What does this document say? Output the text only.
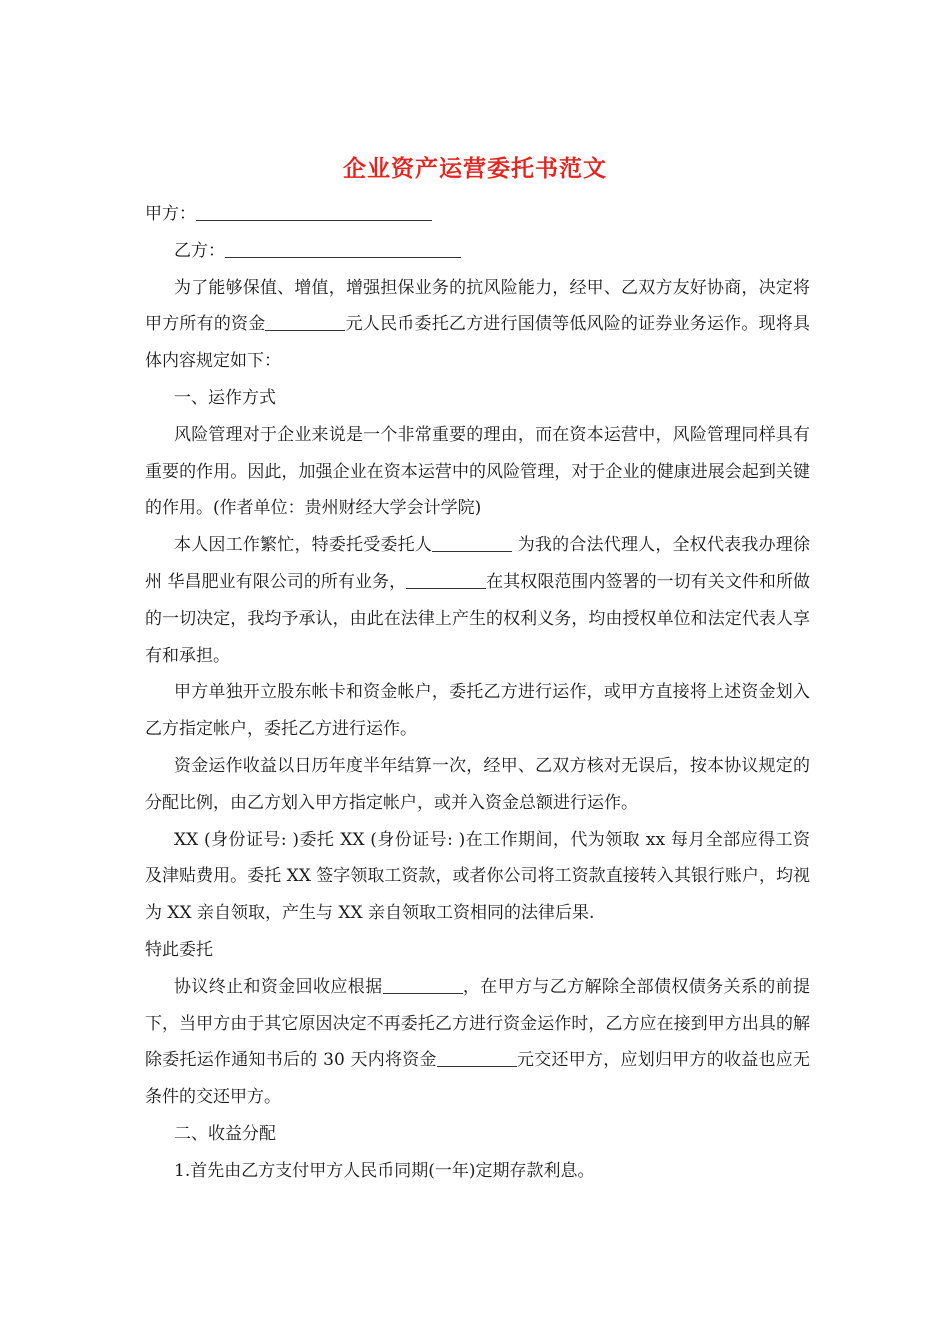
企业资产运营委托书范文

甲方：

乙方：

为了能够保值、增值，增强担保业务的抗风险能力，经甲、乙双方友好协商，决定将甲方所有的资金	元人民币委托乙方进行国债等低风险的证券业务运作。现将具体内容规定如下：

一、运作方式

风险管理对于企业来说是一个非常重要的理由，而在资本运营中，风险管理同样具有重要的作用。因此，加强企业在资本运营中的风险管理，对于企业的健康进展会起到关键的作用。(作者单位：贵州财经大学会计学院)

本人因工作繁忙，特委托受委托人	为我的合法代理人，全权代表我办理徐州 华昌肥业有限公司的所有业务，	在其权限范围内签署的一切有关文件和所做的一切决定，我均予承认，由此在法律上产生的权利义务，均由授权单位和法定代表人享有和承担。

甲方单独开立股东帐卡和资金帐户，委托乙方进行运作，或甲方直接将上述资金划入乙方指定帐户，委托乙方进行运作。

资金运作收益以日历年度半年结算一次，经甲、乙双方核对无误后，按本协议规定的分配比例，由乙方划入甲方指定帐户，或并入资金总额进行运作。

XX (身份证号: )委托 XX (身份证号: )在工作期间，代为领取 xx 每月全部应得工资及津贴费用。委托 XX 签字领取工资款，或者你公司将工资款直接转入其银行账户，均视为 XX 亲自领取，产生与 XX 亲自领取工资相同的法律后果.

特此委托

协议终止和资金回收应根据	，在甲方与乙方解除全部债权债务关系的前提下，当甲方由于其它原因决定不再委托乙方进行资金运作时，乙方应在接到甲方出具的解除委托运作通知书后的 30 天内将资金	元交还甲方，应划归甲方的收益也应无条件的交还甲方。

二、收益分配

1.首先由乙方支付甲方人民币同期(一年)定期存款利息。
